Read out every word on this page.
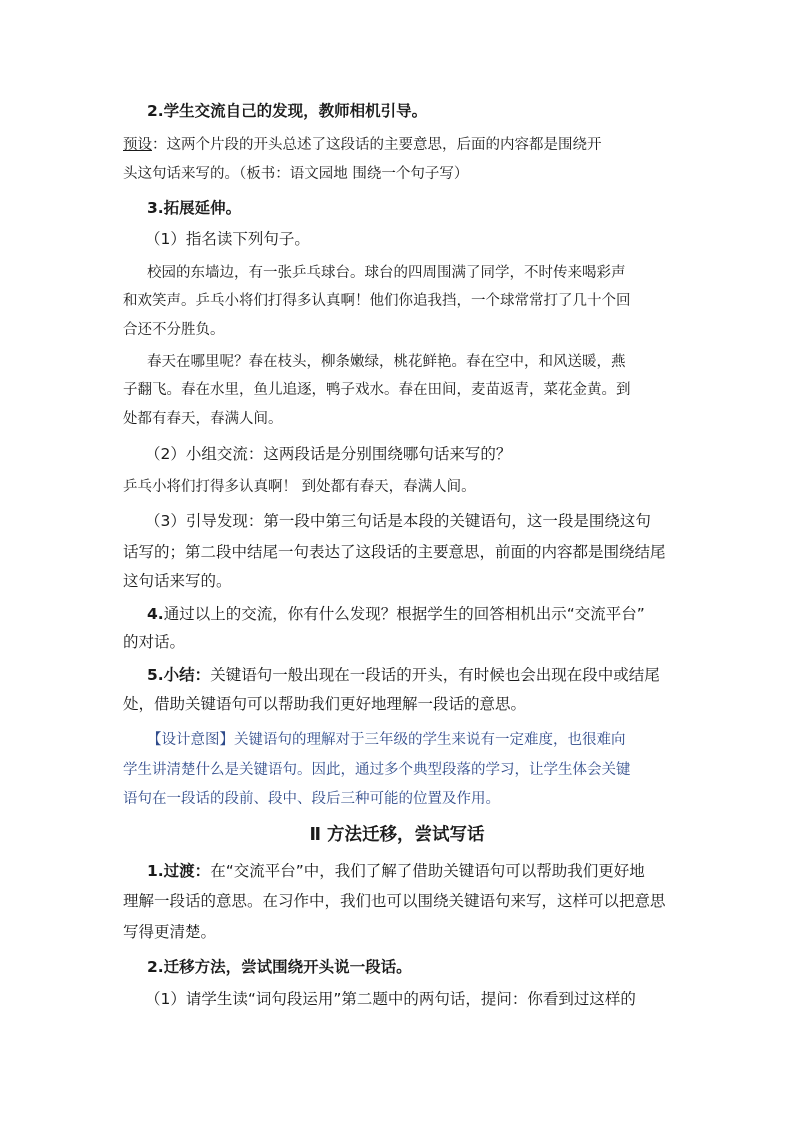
2.学生交流自己的发现，教师相机引导。
预设：这两个片段的开头总述了这段话的主要意思，后面的内容都是围绕开
头这句话来写的。（板书：语文园地 围绕一个句子写）
3.拓展延伸。
（1）指名读下列句子。
校园的东墙边，有一张乒乓球台。球台的四周围满了同学，不时传来喝彩声
和欢笑声。乒乓小将们打得多认真啊！他们你追我挡，一个球常常打了几十个回
合还不分胜负。
春天在哪里呢？春在枝头，柳条嫩绿，桃花鲜艳。春在空中，和风送暖，燕
子翻飞。春在水里，鱼儿追逐，鸭子戏水。春在田间，麦苗返青，菜花金黄。到
处都有春天，春满人间。
（2）小组交流：这两段话是分别围绕哪句话来写的？
乒乓小将们打得多认真啊！ 到处都有春天，春满人间。
（3）引导发现：第一段中第三句话是本段的关键语句，这一段是围绕这句
话写的；第二段中结尾一句表达了这段话的主要意思，前面的内容都是围绕结尾
这句话来写的。
4.通过以上的交流，你有什么发现？根据学生的回答相机出示“交流平台”
的对话。
5.小结：关键语句一般出现在一段话的开头，有时候也会出现在段中或结尾
处，借助关键语句可以帮助我们更好地理解一段话的意思。
【设计意图】关键语句的理解对于三年级的学生来说有一定难度，也很难向
学生讲清楚什么是关键语句。因此，通过多个典型段落的学习，让学生体会关键
语句在一段话的段前、段中、段后三种可能的位置及作用。
Ⅱ 方法迁移，尝试写话
1.过渡：在“交流平台”中，我们了解了借助关键语句可以帮助我们更好地
理解一段话的意思。在习作中，我们也可以围绕关键语句来写，这样可以把意思
写得更清楚。
2.迁移方法，尝试围绕开头说一段话。
（1）请学生读“词句段运用”第二题中的两句话，提问：你看到过这样的
